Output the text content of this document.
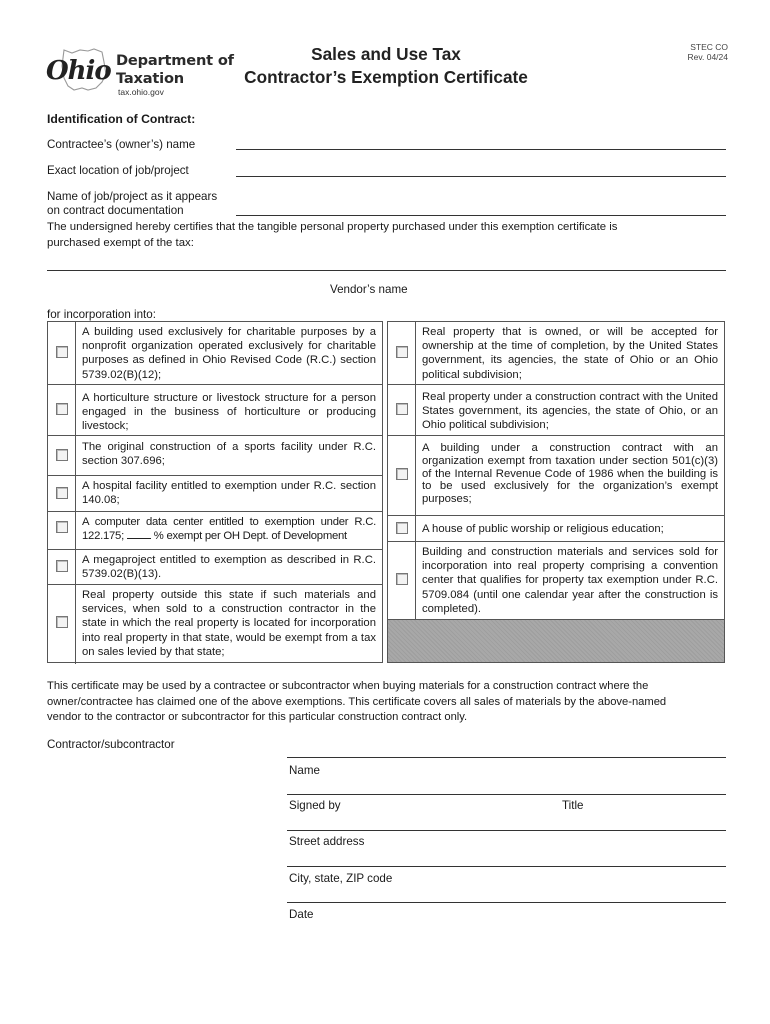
Ohio Department of
Taxation
tax.ohio.gov
Sales and Use Tax
Contractor’s Exemption Certificate
STEC CO
Rev. 04/24
Identification of Contract:
Contractee’s (owner’s) name
Exact location of job/project
Name of job/project as it appears
on contract documentation
The undersigned hereby certifies that the tangible personal property purchased under this exemption certificate is
purchased exempt of the tax:
Vendor’s name
for incorporation into:
A building used exclusively for charitable purposes by a nonprofit organization operated exclusively for charitable purposes as defined in Ohio Revised Code (R.C.) section 5739.02(B)(12);
A horticulture structure or livestock structure for a person engaged in the business of horticulture or producing livestock;
The original construction of a sports facility under R.C. section 307.696;
A hospital facility entitled to exemption under R.C. section 140.08;
A computer data center entitled to exemption under R.C. 122.175;	% exempt per OH Dept. of Development
A megaproject entitled to exemption as described in R.C. 5739.02(B)(13).
Real property outside this state if such materials and services, when sold to a construction contractor in the state in which the real property is located for incorporation into real property in that state, would be exempt from a tax on sales levied by that state;
Real property that is owned, or will be accepted for ownership at the time of completion, by the United States government, its agencies, the state of Ohio or an Ohio political subdivision;
Real property under a construction contract with the United States government, its agencies, the state of Ohio, or an Ohio political subdivision;
A building under a construction contract with an organization exempt from taxation under section 501(c)(3) of the Internal Revenue Code of 1986 when the building is to be used exclusively for the organization’s exempt purposes;
A house of public worship or religious education;
Building and construction materials and services sold for incorporation into real property comprising a convention center that qualifies for property tax exemption under R.C. 5709.084 (until one calendar year after the construction is completed).
This certificate may be used by a contractee or subcontractor when buying materials for a construction contract where the
owner/contractee has claimed one of the above exemptions. This certificate covers all sales of materials by the above-named
vendor to the contractor or subcontractor for this particular construction contract only.
Contractor/subcontractor
Name
Signed by	Title
Street address
City, state, ZIP code
Date
